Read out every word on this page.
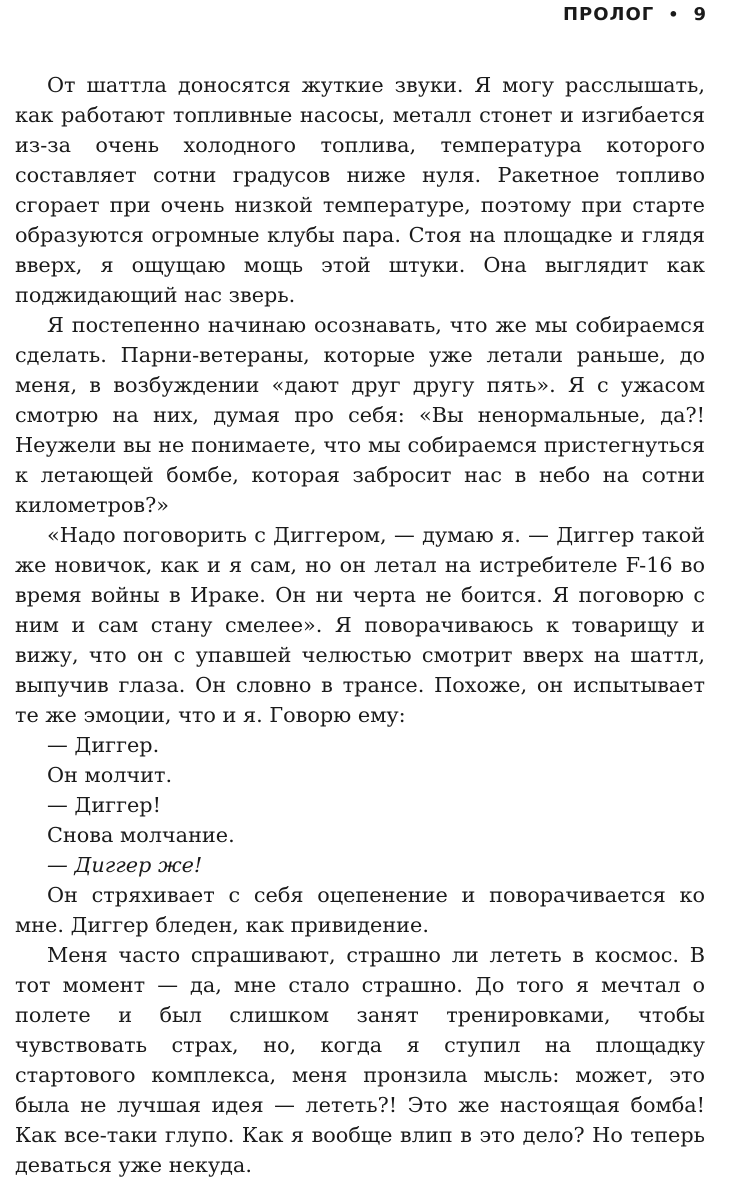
ПРОЛОГ • 9

От шаттла доносятся жуткие звуки. Я могу расслышать, как работают топливные насосы, металл стонет и изгибается из-за очень холодного топлива, температура которого составляет сотни градусов ниже нуля. Ракетное топливо сгорает при очень низкой температуре, поэтому при старте образуются огромные клубы пара. Стоя на площадке и глядя вверх, я ощущаю мощь этой штуки. Она выглядит как поджидающий нас зверь.

Я постепенно начинаю осознавать, что же мы собираемся сделать. Парни-ветераны, которые уже летали раньше, до меня, в возбуждении «дают друг другу пять». Я с ужасом смотрю на них, думая про себя: «Вы ненормальные, да?! Неужели вы не понимаете, что мы собираемся пристегнуться к летающей бомбе, которая забросит нас в небо на сотни километров?»

«Надо поговорить с Диггером, — думаю я. — Диггер такой же новичок, как и я сам, но он летал на истребителе F-16 во время войны в Ираке. Он ни черта не боится. Я поговорю с ним и сам стану смелее». Я поворачиваюсь к товарищу и вижу, что он с упавшей челюстью смотрит вверх на шаттл, выпучив глаза. Он словно в трансе. Похоже, он испытывает те же эмоции, что и я. Говорю ему:

— Диггер.

Он молчит.

— Диггер!

Снова молчание.

— Диггер же!

Он стряхивает с себя оцепенение и поворачивается ко мне. Диггер бледен, как привидение.

Меня часто спрашивают, страшно ли лететь в космос. В тот момент — да, мне стало страшно. До того я мечтал о полете и был слишком занят тренировками, чтобы чувствовать страх, но, когда я ступил на площадку стартового комплекса, меня пронзила мысль: может, это была не лучшая идея — лететь?! Это же настоящая бомба! Как все-таки глупо. Как я вообще влип в это дело? Но теперь деваться уже некуда.
